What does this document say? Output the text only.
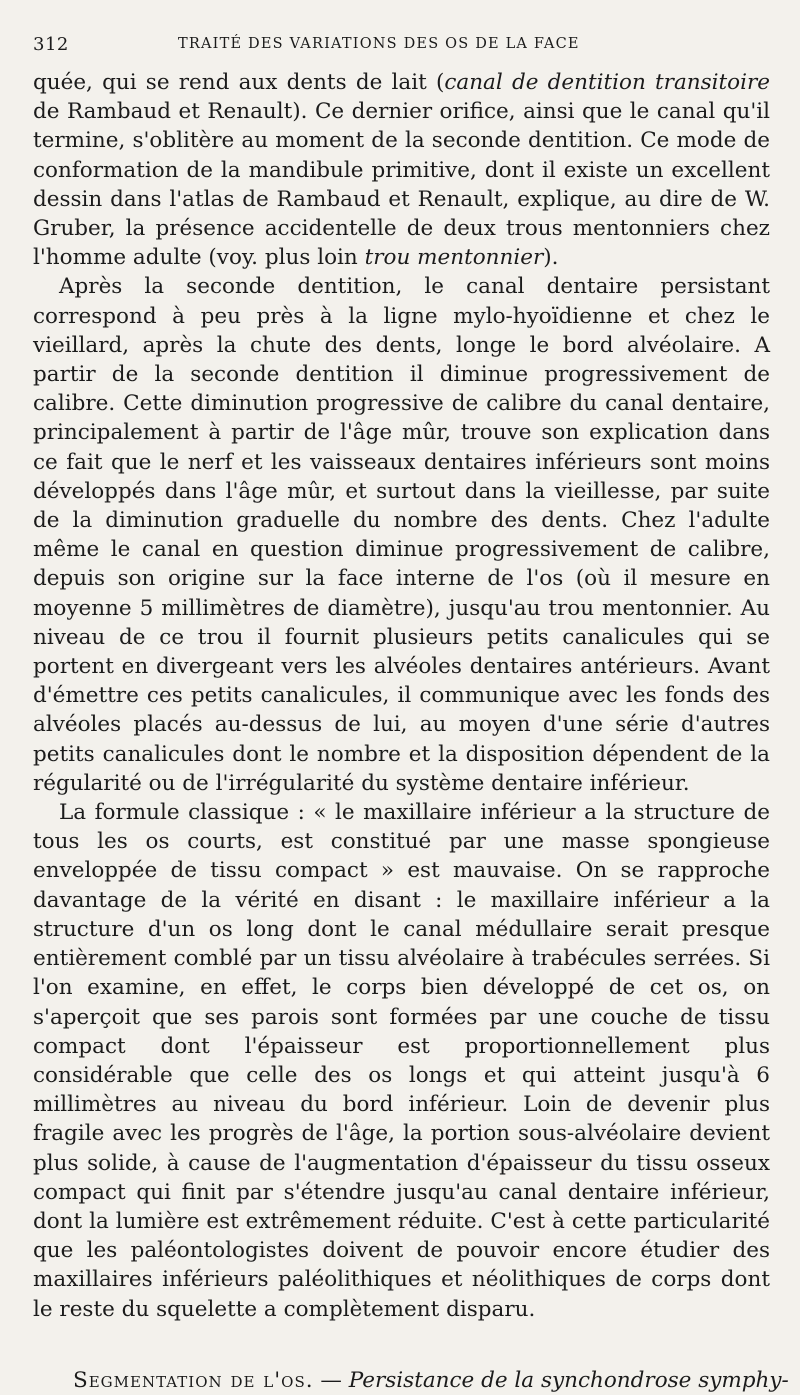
312	TRAITÉ DES VARIATIONS DES OS DE LA FACE

quée, qui se rend aux dents de lait (canal de dentition transitoire de Rambaud et Renault). Ce dernier orifice, ainsi que le canal qu'il termine, s'oblitère au moment de la seconde dentition. Ce mode de conformation de la mandibule primitive, dont il existe un excellent dessin dans l'atlas de Rambaud et Renault, explique, au dire de W. Gruber, la présence accidentelle de deux trous mentonniers chez l'homme adulte (voy. plus loin trou mentonnier).

Après la seconde dentition, le canal dentaire persistant correspond à peu près à la ligne mylo-hyoïdienne et chez le vieillard, après la chute des dents, longe le bord alvéolaire. A partir de la seconde dentition il diminue progressivement de calibre. Cette diminution progressive de calibre du canal dentaire, principalement à partir de l'âge mûr, trouve son explication dans ce fait que le nerf et les vaisseaux dentaires inférieurs sont moins développés dans l'âge mûr, et surtout dans la vieillesse, par suite de la diminution graduelle du nombre des dents. Chez l'adulte même le canal en question diminue progressivement de calibre, depuis son origine sur la face interne de l'os (où il mesure en moyenne 5 millimètres de diamètre), jusqu'au trou mentonnier. Au niveau de ce trou il fournit plusieurs petits canalicules qui se portent en divergeant vers les alvéoles dentaires antérieurs. Avant d'émettre ces petits canalicules, il communique avec les fonds des alvéoles placés au-dessus de lui, au moyen d'une série d'autres petits canalicules dont le nombre et la disposition dépendent de la régularité ou de l'irrégularité du système dentaire inférieur.

La formule classique : « le maxillaire inférieur a la structure de tous les os courts, est constitué par une masse spongieuse enveloppée de tissu compact » est mauvaise. On se rapproche davantage de la vérité en disant : le maxillaire inférieur a la structure d'un os long dont le canal médullaire serait presque entièrement comblé par un tissu alvéolaire à trabécules serrées. Si l'on examine, en effet, le corps bien développé de cet os, on s'aperçoit que ses parois sont formées par une couche de tissu compact dont l'épaisseur est proportionnellement plus considérable que celle des os longs et qui atteint jusqu'à 6 millimètres au niveau du bord inférieur. Loin de devenir plus fragile avec les progrès de l'âge, la portion sous-alvéolaire devient plus solide, à cause de l'augmentation d'épaisseur du tissu osseux compact qui finit par s'étendre jusqu'au canal dentaire inférieur, dont la lumière est extrêmement réduite. C'est à cette particularité que les paléontologistes doivent de pouvoir encore étudier des maxillaires inférieurs paléolithiques et néolithiques de corps dont le reste du squelette a complètement disparu.

Segmentation de l'os. — Persistance de la synchondrose symphy-
